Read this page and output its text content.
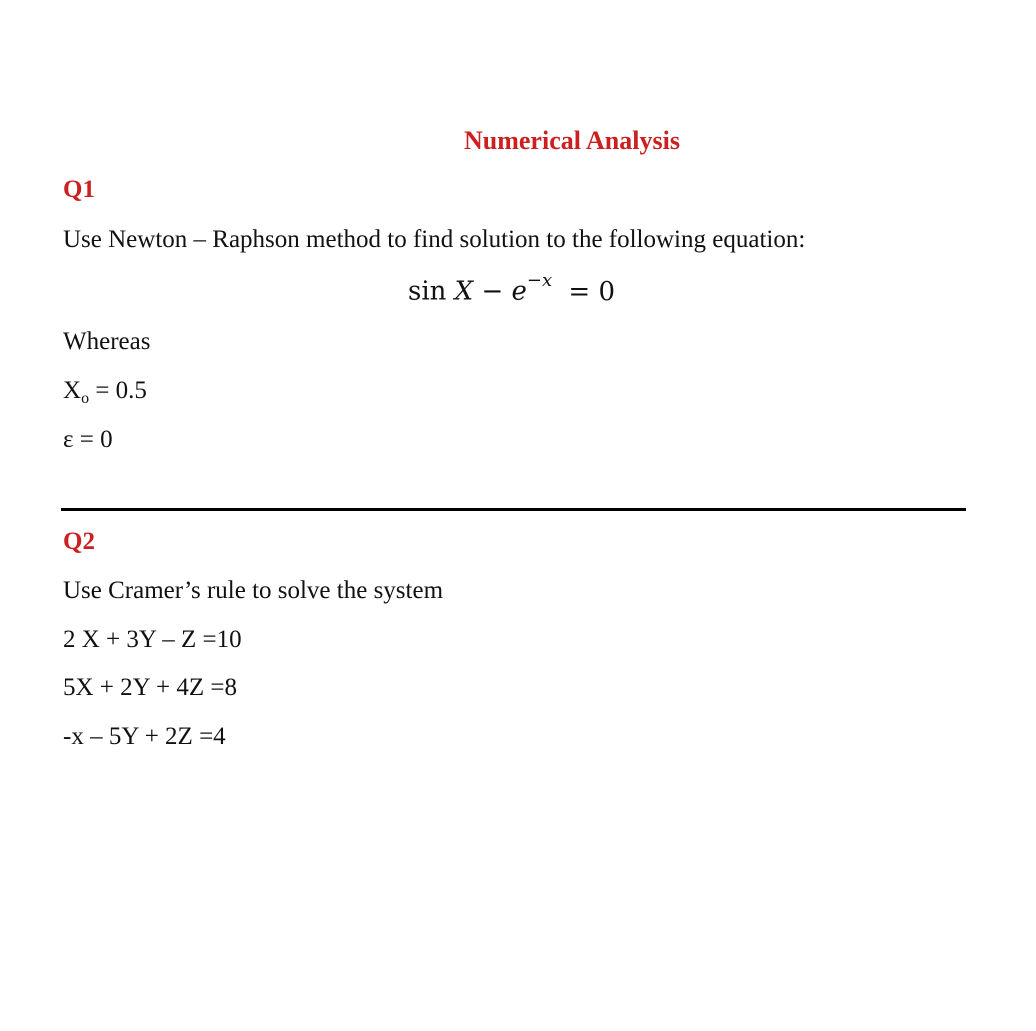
Numerical Analysis
Q1
Use Newton – Raphson method to find solution to the following equation:
$\sin X - e^{-x} = 0$
Whereas
$X_o = 0.5$
ε = 0
Q2
Use Cramer’s rule to solve the system
2 X + 3Y – Z =10
5X + 2Y + 4Z =8
-x – 5Y + 2Z =4
